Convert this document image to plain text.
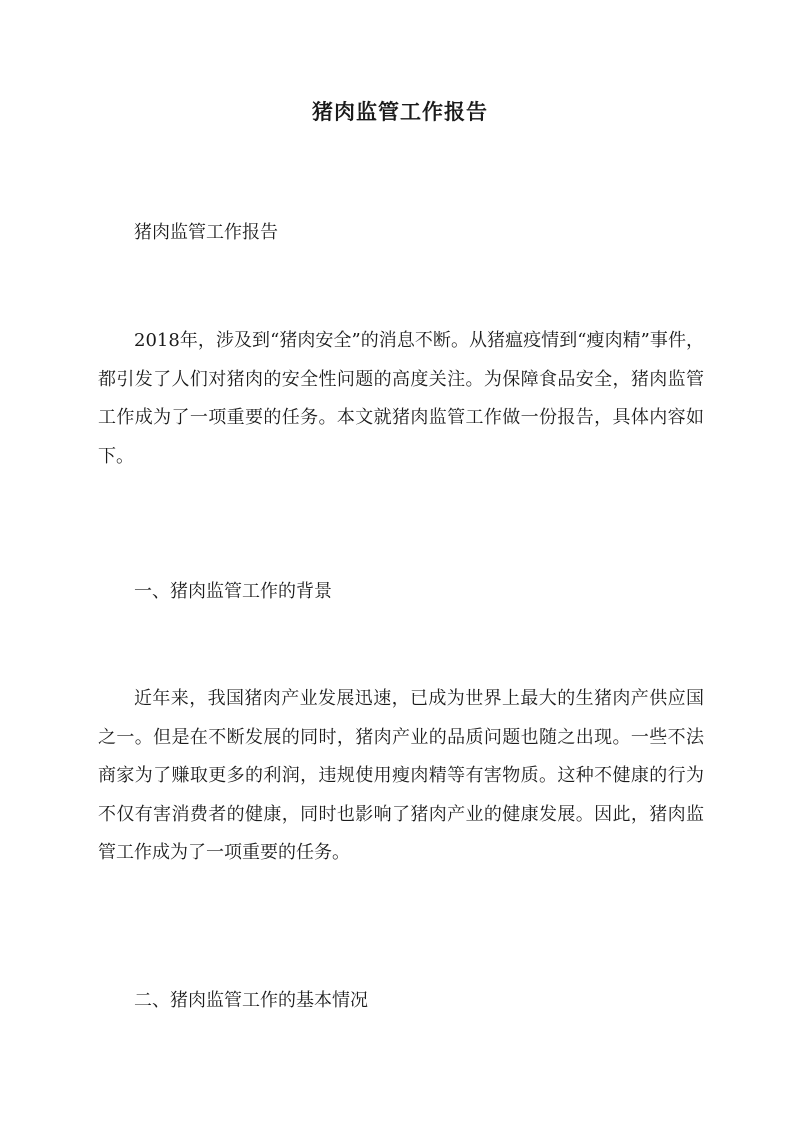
猪肉监管工作报告
猪肉监管工作报告
2018年，涉及到“猪肉安全”的消息不断。从猪瘟疫情到“瘦肉精”事件，都引发了人们对猪肉的安全性问题的高度关注。为保障食品安全，猪肉监管工作成为了一项重要的任务。本文就猪肉监管工作做一份报告，具体内容如下。
一、猪肉监管工作的背景
近年来，我国猪肉产业发展迅速，已成为世界上最大的生猪肉产供应国之一。但是在不断发展的同时，猪肉产业的品质问题也随之出现。一些不法商家为了赚取更多的利润，违规使用瘦肉精等有害物质。这种不健康的行为不仅有害消费者的健康，同时也影响了猪肉产业的健康发展。因此，猪肉监管工作成为了一项重要的任务。
二、猪肉监管工作的基本情况
